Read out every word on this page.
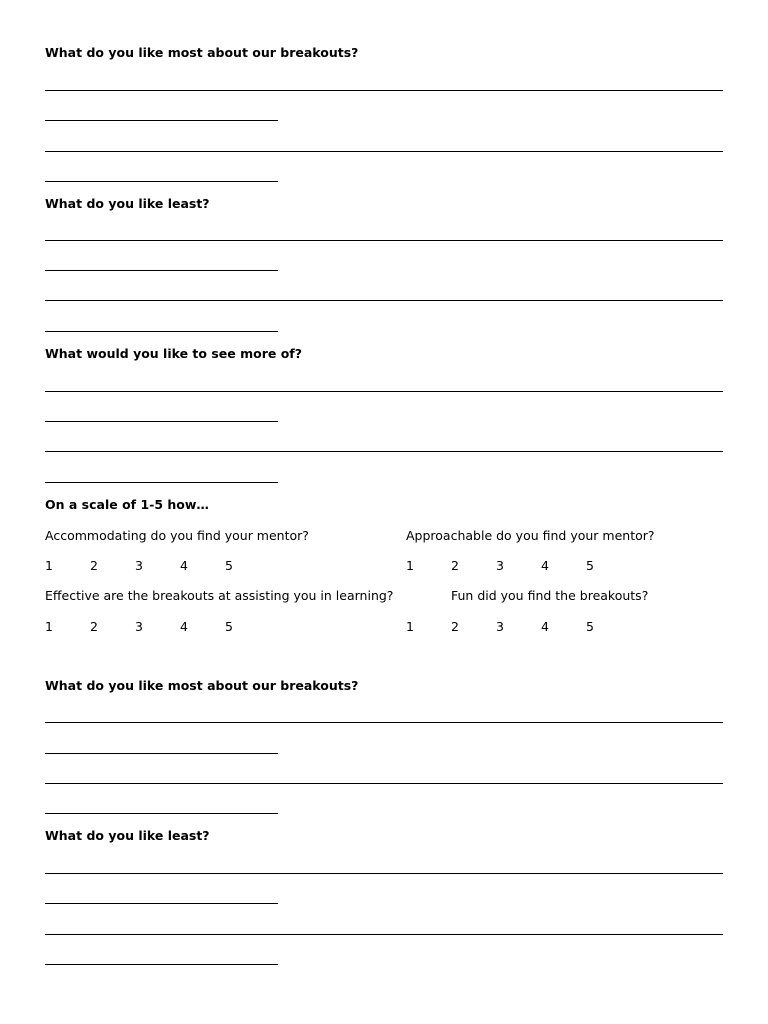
What do you like most about our breakouts?
What do you like least?
What would you like to see more of?
On a scale of 1-5 how…
Accommodating do you find your mentor?	Approachable do you find your mentor?
1	2	3	4	5	1	2	3	4	5
Effective are the breakouts at assisting you in learning?	Fun did you find the breakouts?
1	2	3	4	5	1	2	3	4	5
What do you like most about our breakouts?
What do you like least?
